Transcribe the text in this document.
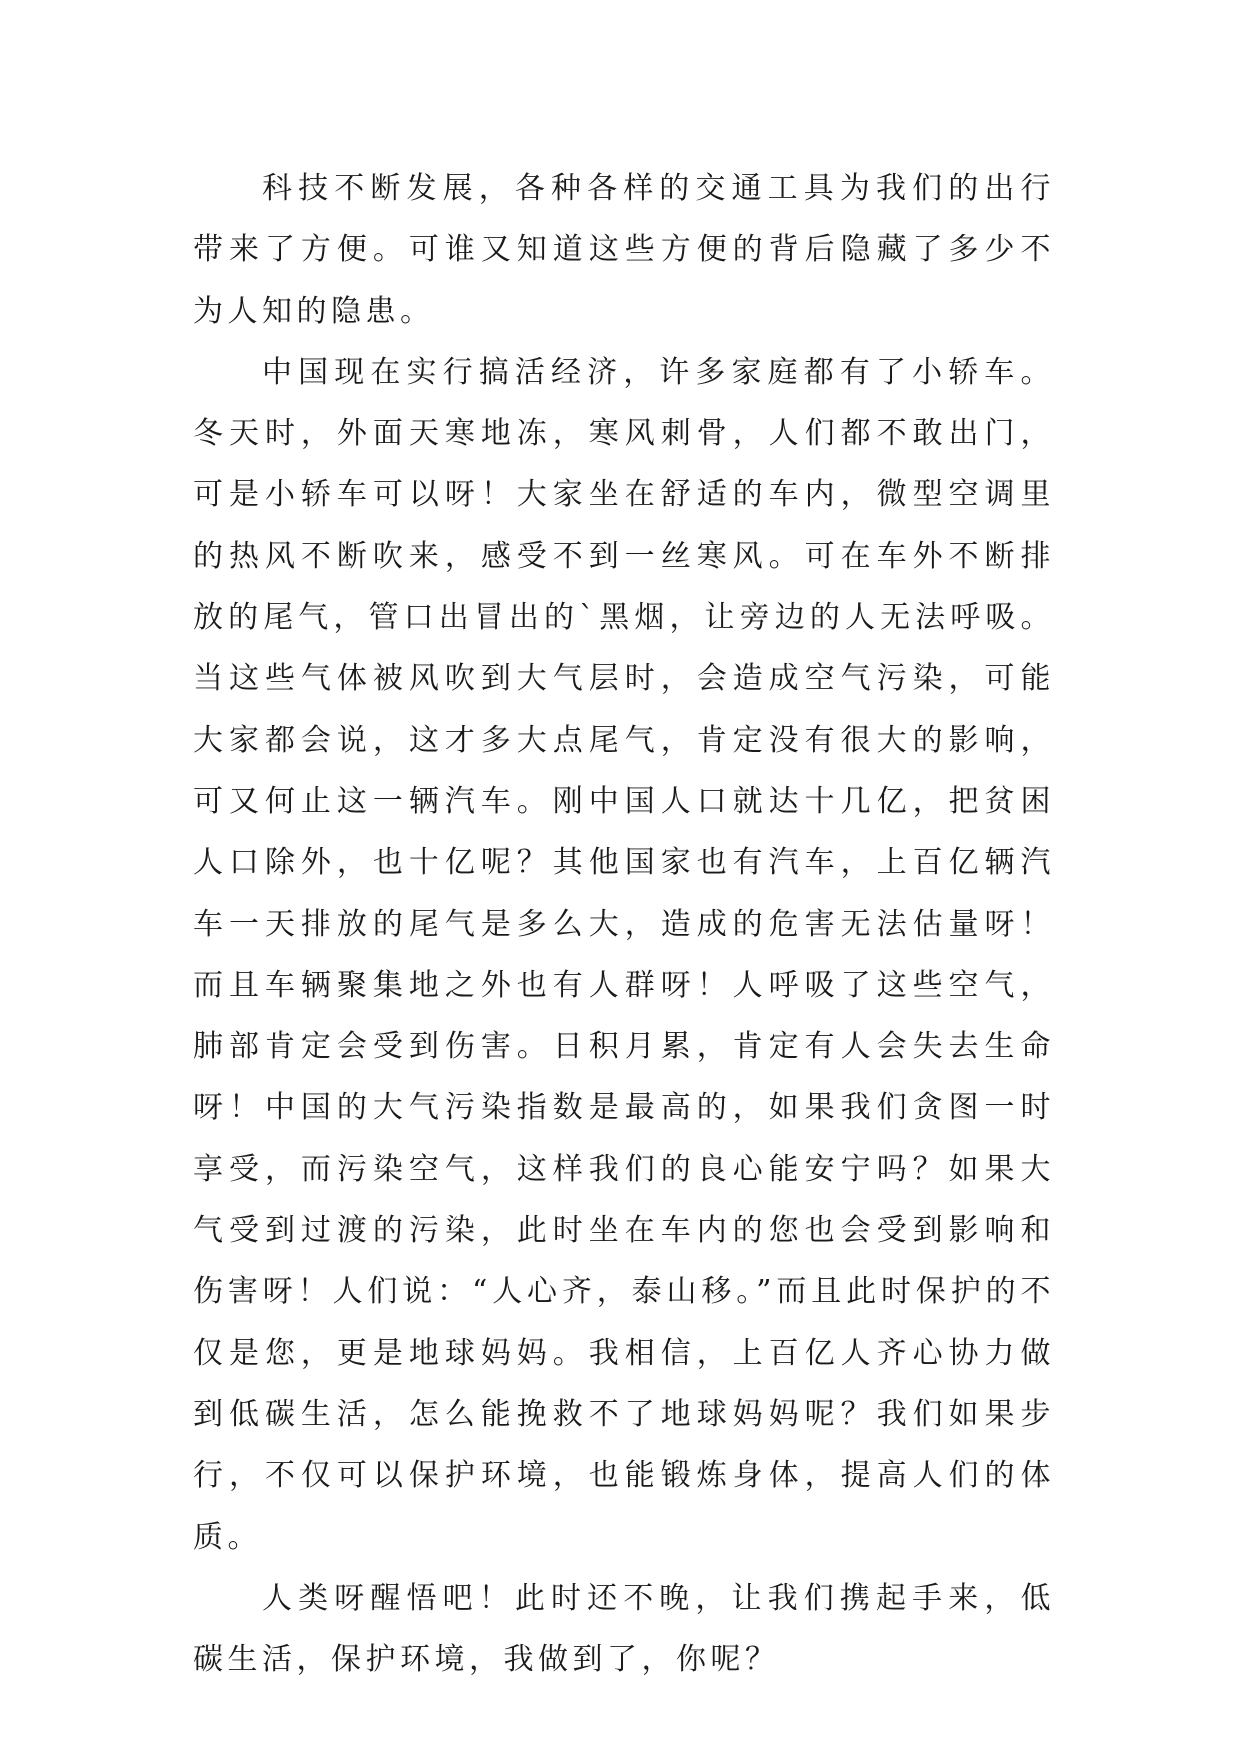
科技不断发展，各种各样的交通工具为我们的出行带来了方便。可谁又知道这些方便的背后隐藏了多少不为人知的隐患。

中国现在实行搞活经济，许多家庭都有了小轿车。冬天时，外面天寒地冻，寒风刺骨，人们都不敢出门，可是小轿车可以呀！大家坐在舒适的车内，微型空调里的热风不断吹来，感受不到一丝寒风。可在车外不断排放的尾气，管口出冒出的`黑烟，让旁边的人无法呼吸。当这些气体被风吹到大气层时，会造成空气污染，可能大家都会说，这才多大点尾气，肯定没有很大的影响，可又何止这一辆汽车。刚中国人口就达十几亿，把贫困人口除外，也十亿呢？其他国家也有汽车，上百亿辆汽车一天排放的尾气是多么大，造成的危害无法估量呀！而且车辆聚集地之外也有人群呀！人呼吸了这些空气，肺部肯定会受到伤害。日积月累，肯定有人会失去生命呀！中国的大气污染指数是最高的，如果我们贪图一时享受，而污染空气，这样我们的良心能安宁吗？如果大气受到过渡的污染，此时坐在车内的您也会受到影响和伤害呀！人们说：“人心齐，泰山移。”而且此时保护的不仅是您，更是地球妈妈。我相信，上百亿人齐心协力做到低碳生活，怎么能挽救不了地球妈妈呢？我们如果步行，不仅可以保护环境，也能锻炼身体，提高人们的体质。

人类呀醒悟吧！此时还不晚，让我们携起手来，低碳生活，保护环境，我做到了，你呢？
